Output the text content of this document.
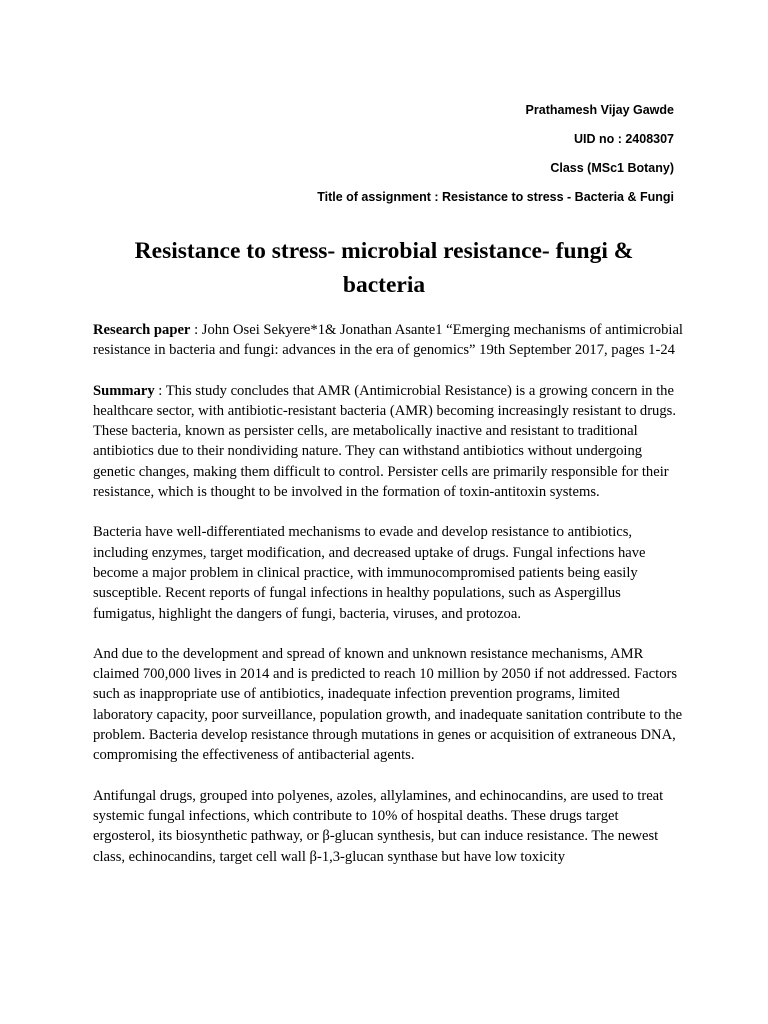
Prathamesh Vijay Gawde
UID no : 2408307
Class (MSc1 Botany)
Title of assignment : Resistance to stress - Bacteria & Fungi
Resistance to stress- microbial resistance- fungi & bacteria

Research paper : John Osei Sekyere*1& Jonathan Asante1 “Emerging mechanisms of antimicrobial resistance in bacteria and fungi: advances in the era of genomics” 19th September 2017, pages 1-24

Summary : This study concludes that AMR (Antimicrobial Resistance) is a growing concern in the healthcare sector, with antibiotic-resistant bacteria (AMR) becoming increasingly resistant to drugs. These bacteria, known as persister cells, are metabolically inactive and resistant to traditional antibiotics due to their nondividing nature. They can withstand antibiotics without undergoing genetic changes, making them difficult to control. Persister cells are primarily responsible for their resistance, which is thought to be involved in the formation of toxin-antitoxin systems.

Bacteria have well-differentiated mechanisms to evade and develop resistance to antibiotics, including enzymes, target modification, and decreased uptake of drugs. Fungal infections have become a major problem in clinical practice, with immunocompromised patients being easily susceptible. Recent reports of fungal infections in healthy populations, such as Aspergillus fumigatus, highlight the dangers of fungi, bacteria, viruses, and protozoa.

And due to the development and spread of known and unknown resistance mechanisms, AMR claimed 700,000 lives in 2014 and is predicted to reach 10 million by 2050 if not addressed. Factors such as inappropriate use of antibiotics, inadequate infection prevention programs, limited laboratory capacity, poor surveillance, population growth, and inadequate sanitation contribute to the problem. Bacteria develop resistance through mutations in genes or acquisition of extraneous DNA, compromising the effectiveness of antibacterial agents.

Antifungal drugs, grouped into polyenes, azoles, allylamines, and echinocandins, are used to treat systemic fungal infections, which contribute to 10% of hospital deaths. These drugs target ergosterol, its biosynthetic pathway, or β-glucan synthesis, but can induce resistance. The newest class, echinocandins, target cell wall β-1,3-glucan synthase but have low toxicity
